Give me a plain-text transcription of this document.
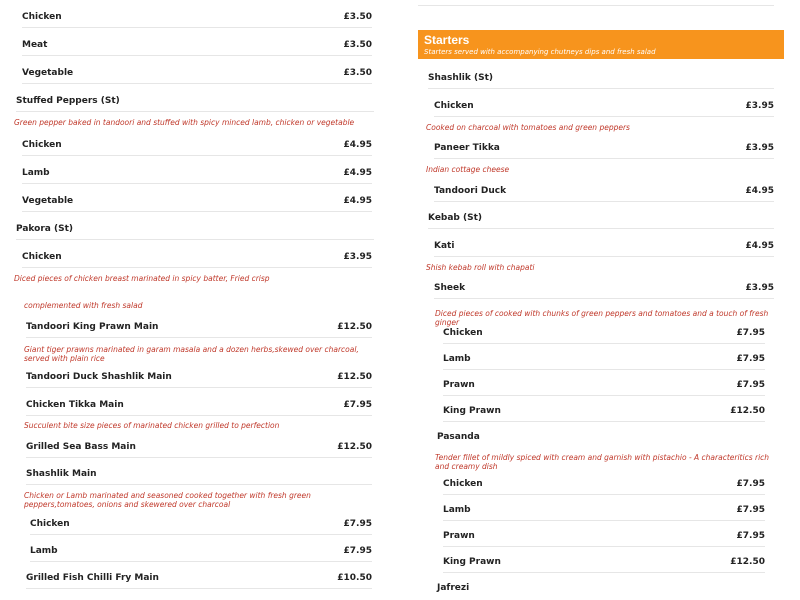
Chicken	£3.50
Meat	£3.50
Vegetable	£3.50
Stuffed Peppers (St)
Green pepper baked in tandoori and stuffed with spicy minced lamb, chicken or vegetable
Chicken	£4.95
Lamb	£4.95
Vegetable	£4.95
Pakora (St)
Chicken	£3.95
Diced pieces of chicken breast marinated in spicy batter, Fried crisp
complemented with fresh salad
Tandoori King Prawn Main	£12.50
Giant tiger prawns marinated in garam masala and a dozen herbs,skewed over charcoal, served with plain rice
Tandoori Duck Shashlik Main	£12.50
Chicken Tikka Main	£7.95
Succulent bite size pieces of marinated chicken grilled to perfection
Grilled Sea Bass Main	£12.50
Shashlik Main
Chicken or Lamb marinated and seasoned cooked together with fresh green peppers,tomatoes, onions and skewered over charcoal
Chicken	£7.95
Lamb	£7.95
Grilled Fish Chilli Fry Main	£10.50
Starters
Starters served with accompanying chutneys dips and fresh salad
Shashlik (St)
Chicken	£3.95
Cooked on charcoal with tomatoes and green peppers
Paneer Tikka	£3.95
Indian cottage cheese
Tandoori Duck	£4.95
Kebab (St)
Kati	£4.95
Shish kebab roll with chapati
Sheek	£3.95
Diced pieces of cooked with chunks of green peppers and tomatoes and a touch of fresh ginger
Chicken	£7.95
Lamb	£7.95
Prawn	£7.95
King Prawn	£12.50
Pasanda
Tender fillet of mildly spiced with cream and garnish with pistachio - A characteritics rich and creamy dish
Chicken	£7.95
Lamb	£7.95
Prawn	£7.95
King Prawn	£12.50
Jafrezi
